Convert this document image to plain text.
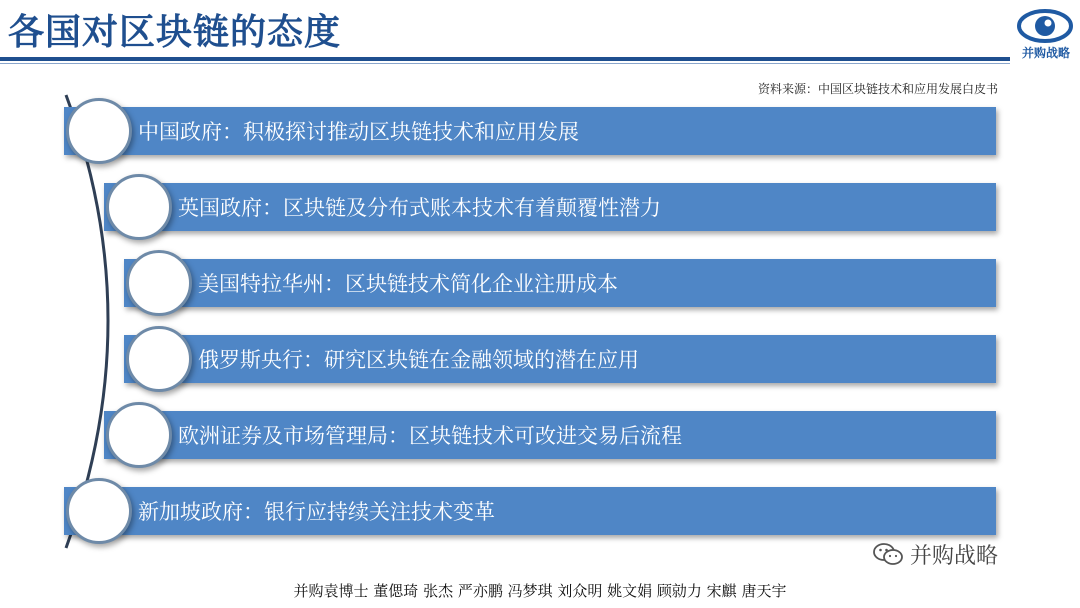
各国对区块链的态度	并购战略
资料来源：中国区块链技术和应用发展白皮书
中国政府：积极探讨推动区块链技术和应用发展
英国政府：区块链及分布式账本技术有着颠覆性潜力
美国特拉华州：区块链技术简化企业注册成本
俄罗斯央行：研究区块链在金融领域的潜在应用
欧洲证券及市场管理局：区块链技术可改进交易后流程
新加坡政府：银行应持续关注技术变革
并购战略
并购袁博士 董偲琦 张杰 严亦鹏 冯梦琪 刘众明 姚文娟 顾勍力 宋麒 唐天宇
